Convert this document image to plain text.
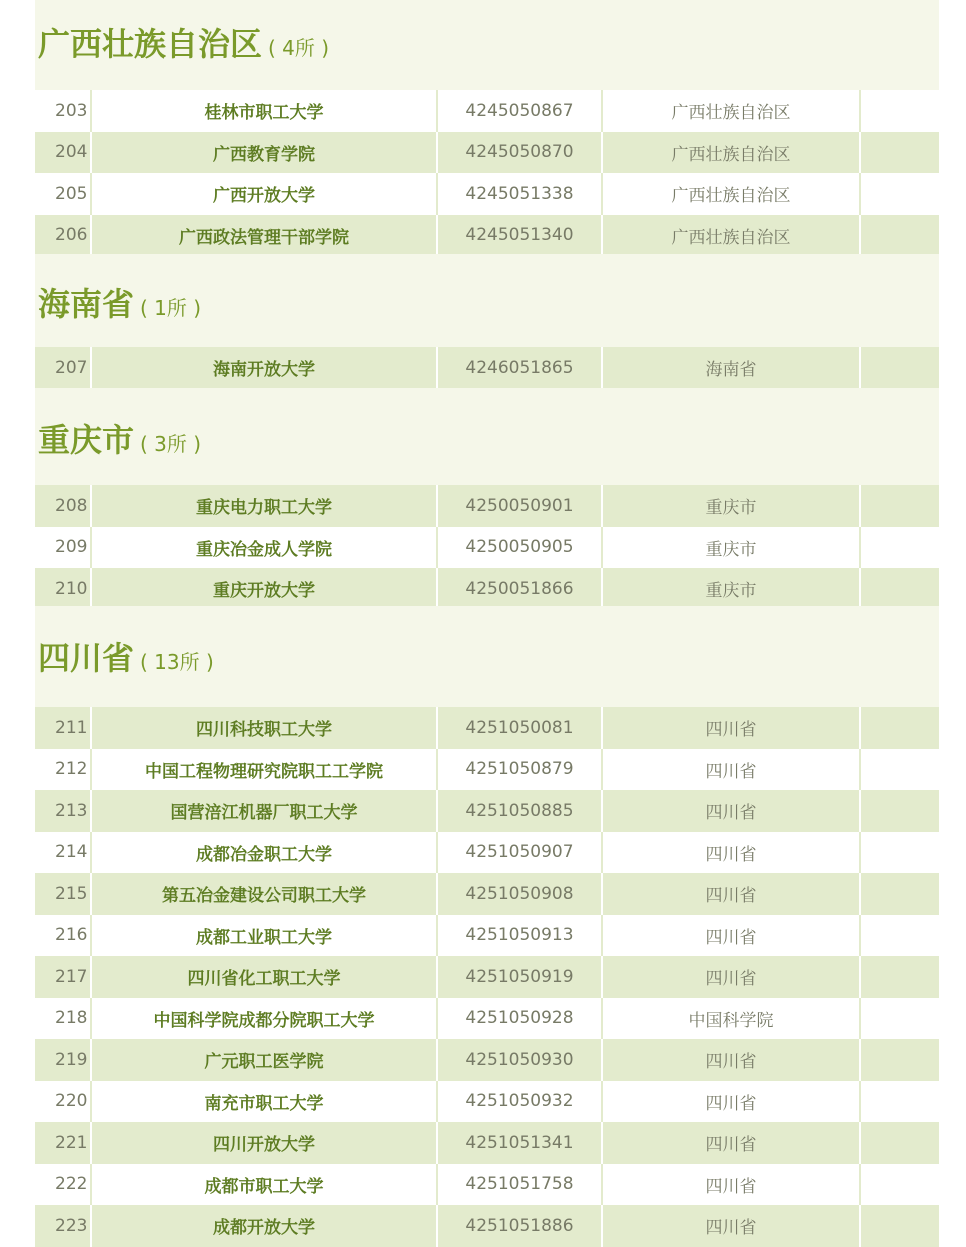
广西壮族自治区 ( 4所 )
203	桂林市职工大学	4245050867	广西壮族自治区
204	广西教育学院	4245050870	广西壮族自治区
205	广西开放大学	4245051338	广西壮族自治区
206	广西政法管理干部学院	4245051340	广西壮族自治区
海南省 ( 1所 )
207	海南开放大学	4246051865	海南省
重庆市 ( 3所 )
208	重庆电力职工大学	4250050901	重庆市
209	重庆冶金成人学院	4250050905	重庆市
210	重庆开放大学	4250051866	重庆市
四川省 ( 13所 )
211	四川科技职工大学	4251050081	四川省
212	中国工程物理研究院职工工学院	4251050879	四川省
213	国营涪江机器厂职工大学	4251050885	四川省
214	成都冶金职工大学	4251050907	四川省
215	第五冶金建设公司职工大学	4251050908	四川省
216	成都工业职工大学	4251050913	四川省
217	四川省化工职工大学	4251050919	四川省
218	中国科学院成都分院职工大学	4251050928	中国科学院
219	广元职工医学院	4251050930	四川省
220	南充市职工大学	4251050932	四川省
221	四川开放大学	4251051341	四川省
222	成都市职工大学	4251051758	四川省
223	成都开放大学	4251051886	四川省
